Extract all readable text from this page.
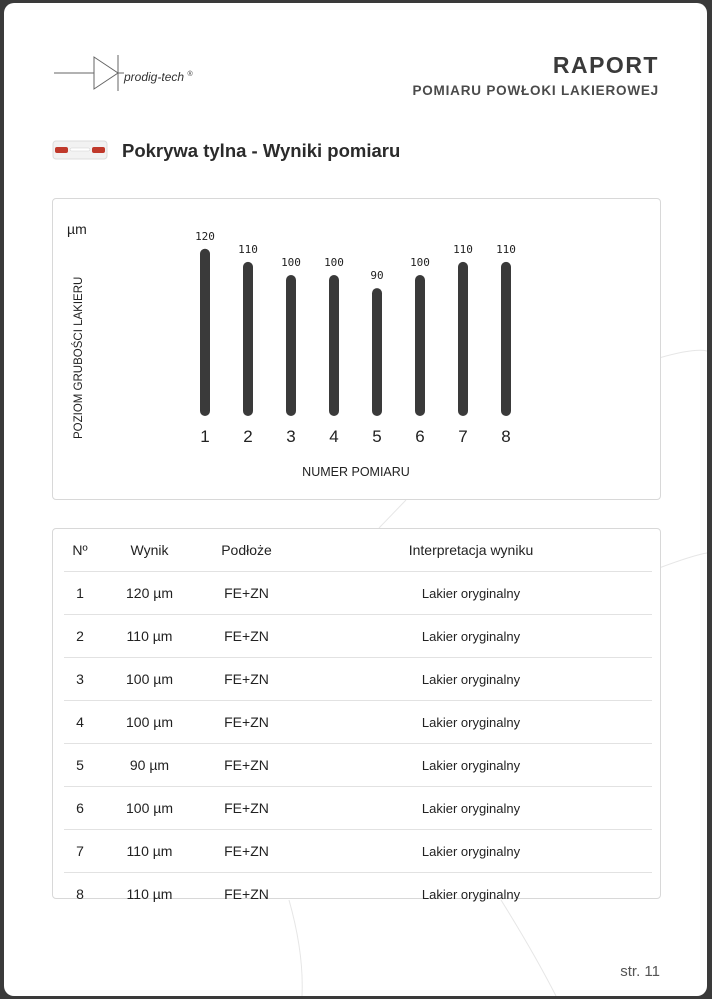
prodig-tech ®	RAPORT
POMIARU POWŁOKI LAKIEROWEJ
Pokrywa tylna - Wyniki pomiaru
µm
POZIOM GRUBOŚCI LAKIERU
NUMER POMIARU
120
1
110
2
100
3
100
4
90
5
100
6
110
7
110
8
Nº	Wynik	Podłoże	Interpretacja wyniku
1	120 µm	FE+ZN	Lakier oryginalny
2	110 µm	FE+ZN	Lakier oryginalny
3	100 µm	FE+ZN	Lakier oryginalny
4	100 µm	FE+ZN	Lakier oryginalny
5	90 µm	FE+ZN	Lakier oryginalny
6	100 µm	FE+ZN	Lakier oryginalny
7	110 µm	FE+ZN	Lakier oryginalny
8	110 µm	FE+ZN	Lakier oryginalny
str. 11
otoMoto.pl
